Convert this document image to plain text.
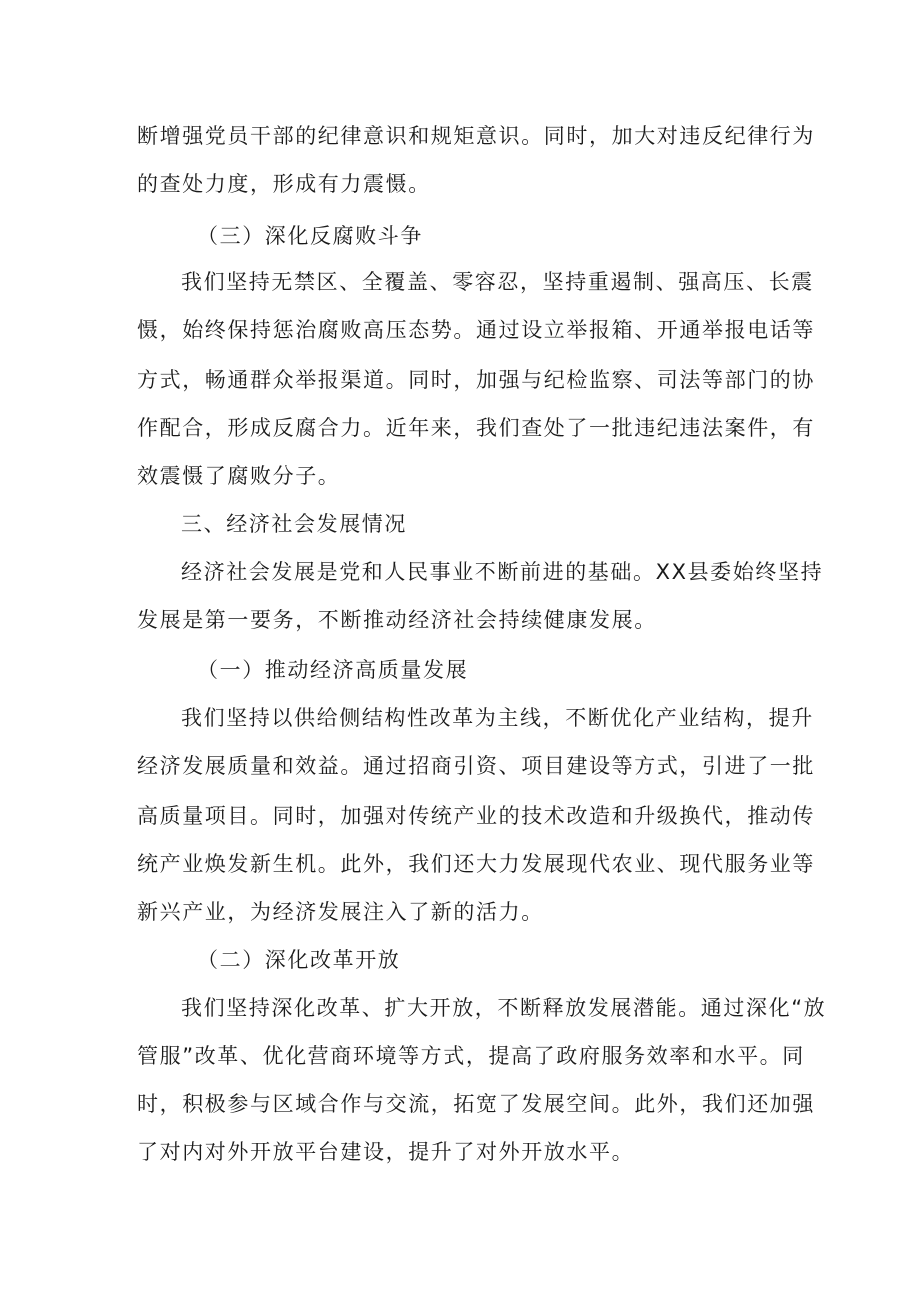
断增强党员干部的纪律意识和规矩意识。同时，加大对违反纪律行为
的查处力度，形成有力震慑。
（三）深化反腐败斗争
我们坚持无禁区、全覆盖、零容忍，坚持重遏制、强高压、长震
慑，始终保持惩治腐败高压态势。通过设立举报箱、开通举报电话等
方式，畅通群众举报渠道。同时，加强与纪检监察、司法等部门的协
作配合，形成反腐合力。近年来，我们查处了一批违纪违法案件，有
效震慑了腐败分子。
三、经济社会发展情况
经济社会发展是党和人民事业不断前进的基础。XX县委始终坚持
发展是第一要务，不断推动经济社会持续健康发展。
（一）推动经济高质量发展
我们坚持以供给侧结构性改革为主线，不断优化产业结构，提升
经济发展质量和效益。通过招商引资、项目建设等方式，引进了一批
高质量项目。同时，加强对传统产业的技术改造和升级换代，推动传
统产业焕发新生机。此外，我们还大力发展现代农业、现代服务业等
新兴产业，为经济发展注入了新的活力。
（二）深化改革开放
我们坚持深化改革、扩大开放，不断释放发展潜能。通过深化“放
管服”改革、优化营商环境等方式，提高了政府服务效率和水平。同
时，积极参与区域合作与交流，拓宽了发展空间。此外，我们还加强
了对内对外开放平台建设，提升了对外开放水平。
